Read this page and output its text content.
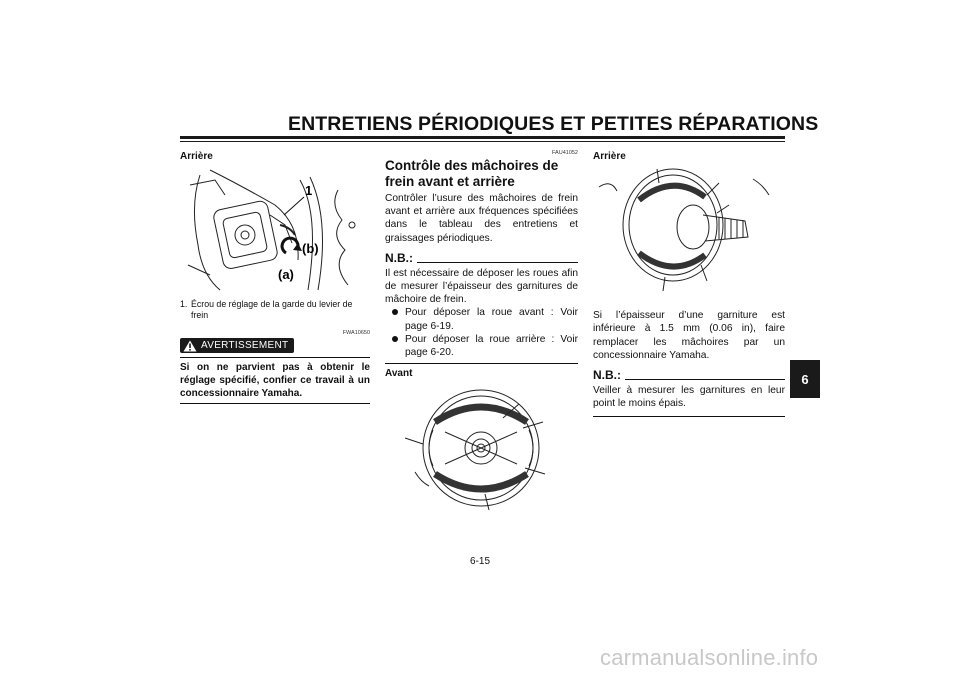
ENTRETIENS PÉRIODIQUES ET PETITES RÉPARATIONS
Arrière
1
(b)
(a)
1. Écrou de réglage de la garde du levier de frein
FWA10650
AVERTISSEMENT
Si on ne parvient pas à obtenir le réglage spécifié, confier ce travail à un concessionnaire Yamaha.
FAU41052
Contrôle des mâchoires de frein avant et arrière
Contrôler l’usure des mâchoires de frein avant et arrière aux fréquences spécifiées dans le tableau des entretiens et graissages périodiques.
N.B.:
Il est nécessaire de déposer les roues afin de mesurer l’épaisseur des garnitures de mâchoire de frein.
Pour déposer la roue avant : Voir page 6-19.
Pour déposer la roue arrière : Voir page 6-20.
Avant
Arrière
Si l’épaisseur d’une garniture est inférieure à 1.5 mm (0.06 in), faire remplacer les mâchoires par un concessionnaire Yamaha.
N.B.:
Veiller à mesurer les garnitures en leur point le moins épais.
6
6-15
carmanualsonline.info
